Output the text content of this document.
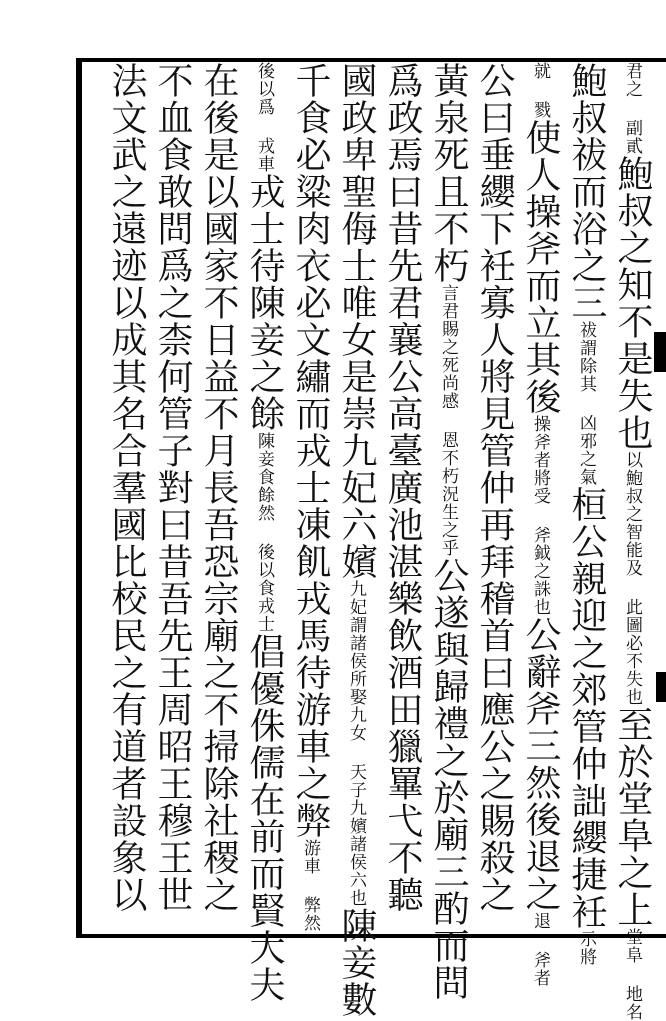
君之 副貳鮑叔之知不是失也以鮑叔之智能及 此圖必不失也至於堂阜之上堂阜 地名
鮑叔祓而浴之三祓謂除其 凶邪之氣桓公親迎之郊管仲詘纓捷衽示將
就 戮使人操斧而立其後操斧者將受 斧鉞之誅也公辭斧三然後退之退 斧者
公曰垂纓下衽寡人將見管仲再拜稽首曰應公之賜殺之
黃泉死且不朽言君賜之死尚感 恩不朽況生之乎公遂與歸禮之於廟三酌而問
爲政焉曰昔先君襄公高臺廣池湛樂飲酒田獵罼弋不聽
國政卑聖侮士唯女是崇九妃六嬪九妃謂諸侯所娶九女 天子九嬪諸侯六也陳妾數
千食必粱肉衣必文繡而戎士凍飢戎馬待游車之弊游車 弊然
後以爲 戎車戎士待陳妾之餘陳妾食餘然 後以食戎士倡優侏儒在前而賢大夫
在後是以國家不日益不月長吾恐宗廟之不掃除社稷之
不血食敢問爲之柰何管子對曰昔吾先王周昭王穆王世
法文武之遠迹以成其名合羣國比校民之有道者設象以
